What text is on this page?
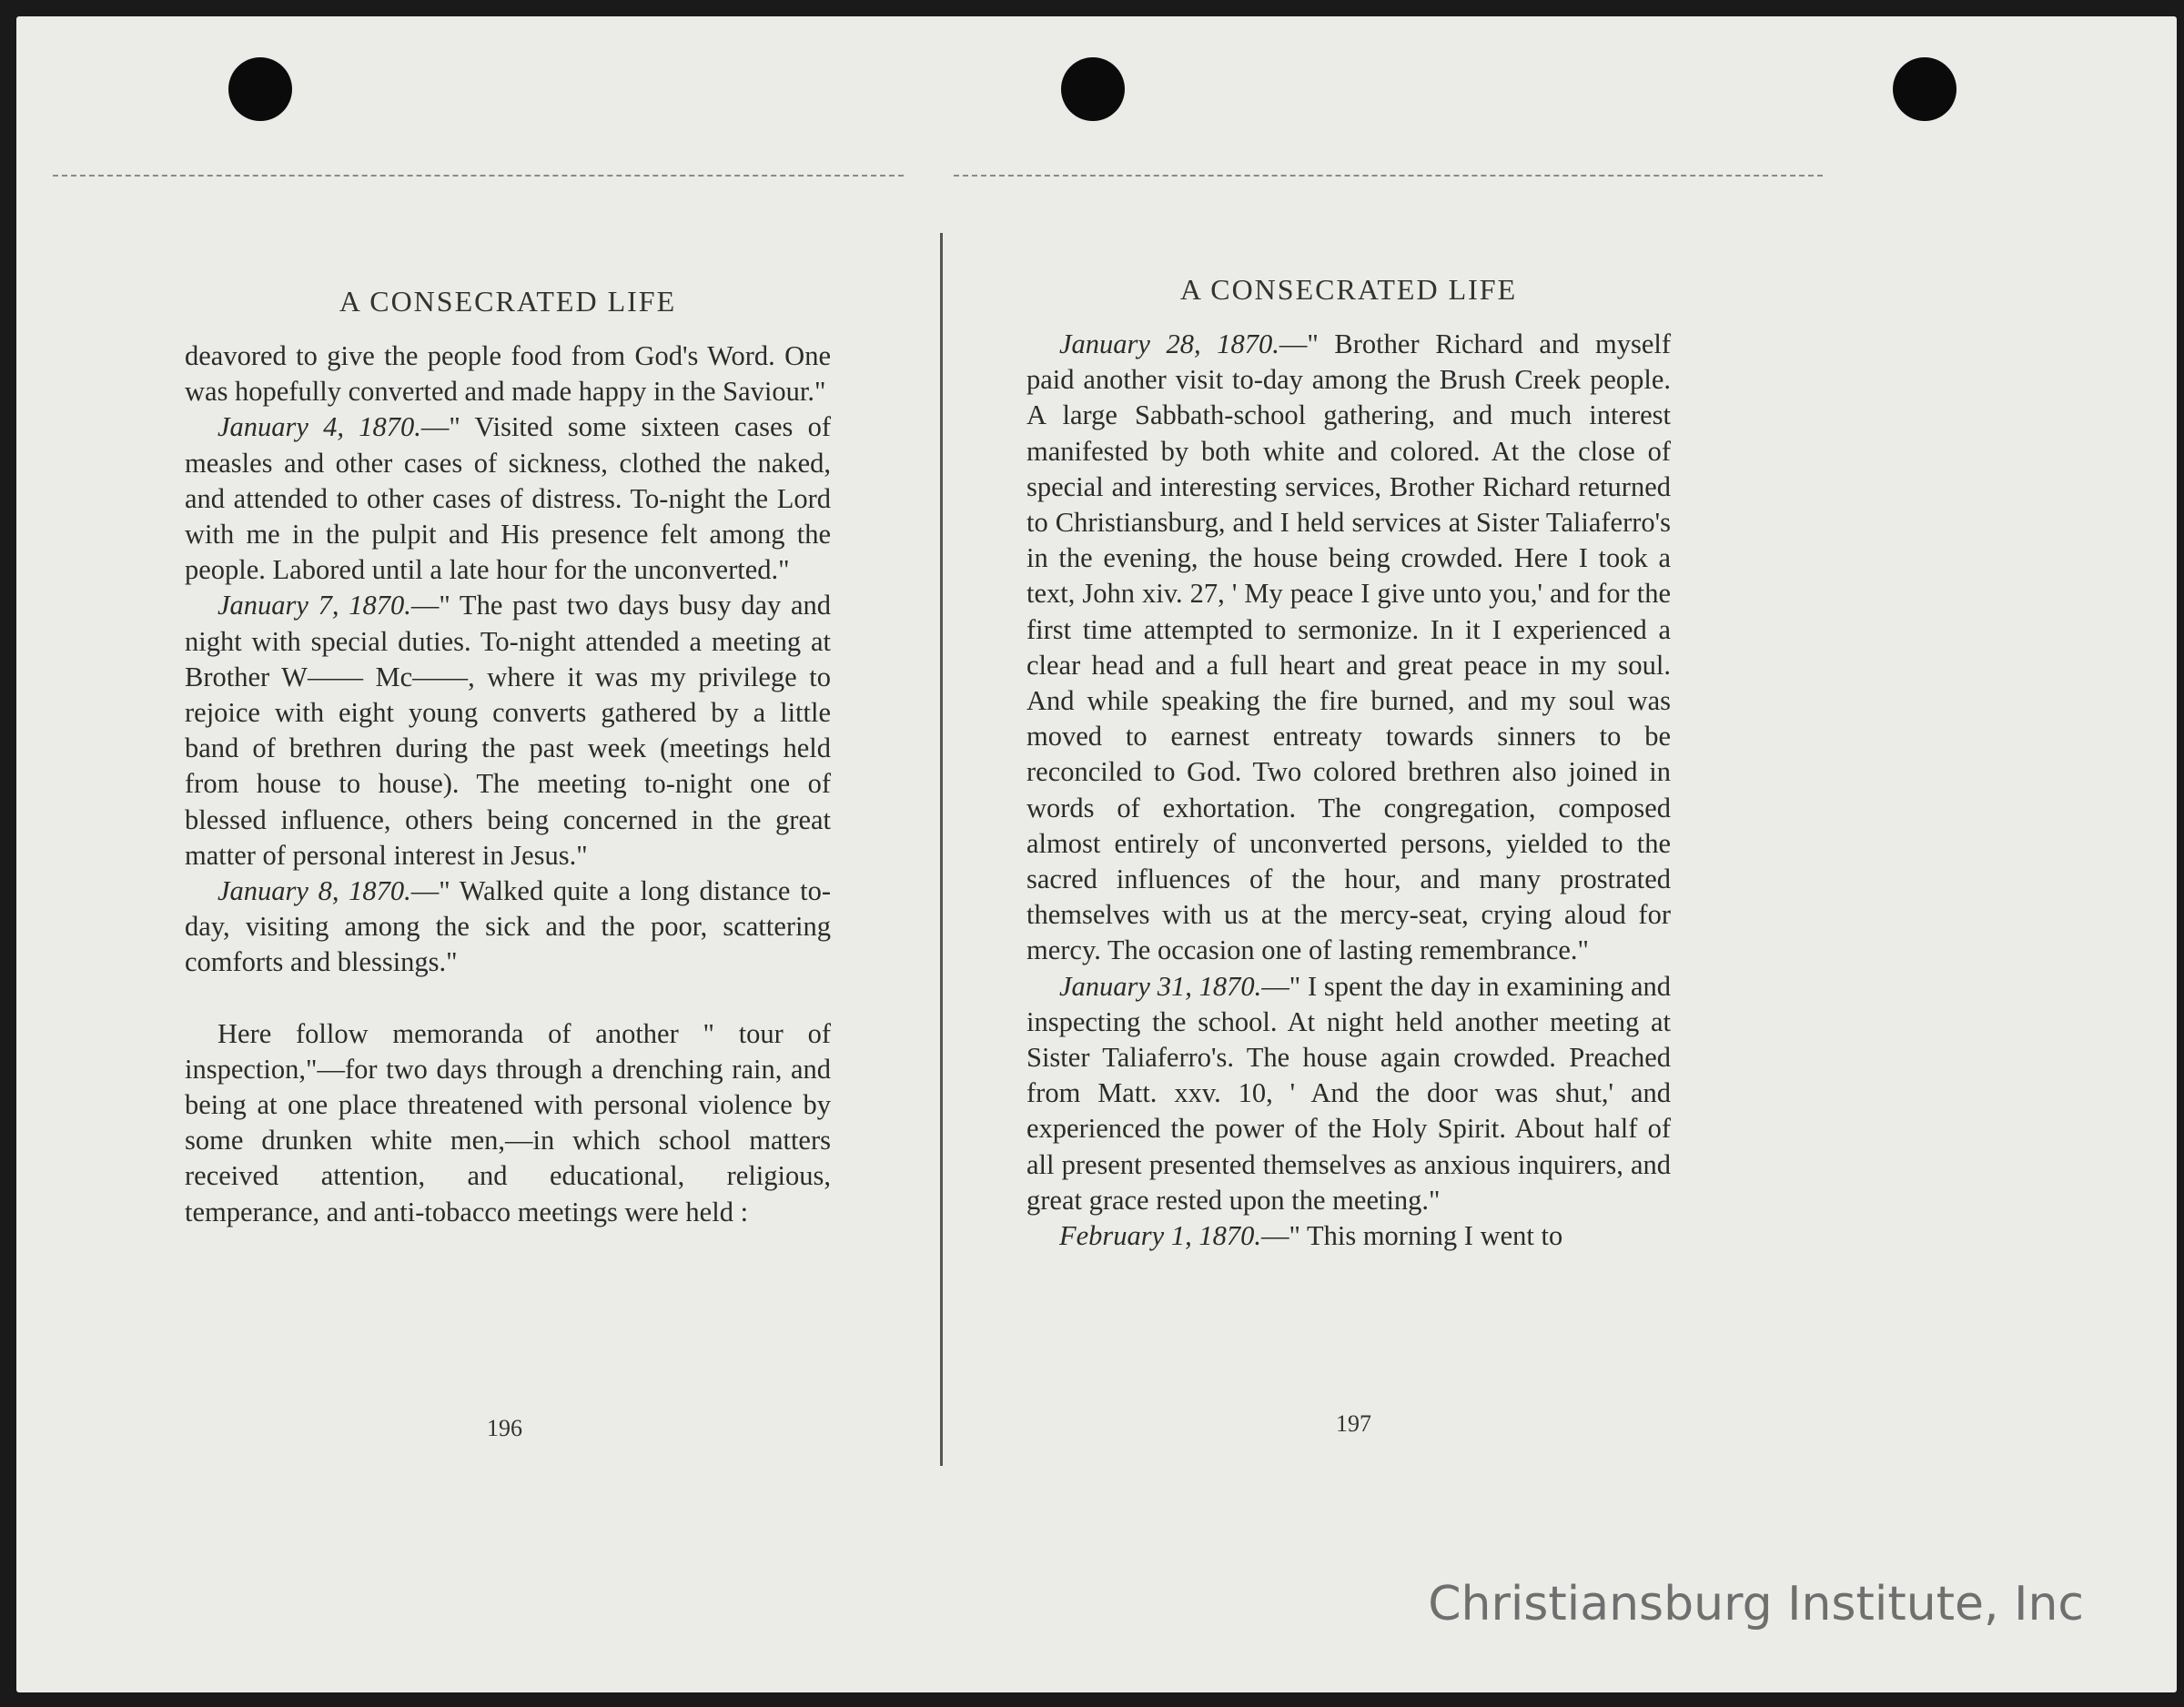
A CONSECRATED LIFE

deavored to give the people food from God's Word. One was hopefully converted and made happy in the Saviour."

January 4, 1870.—" Visited some sixteen cases of measles and other cases of sickness, clothed the naked, and attended to other cases of distress. To-night the Lord with me in the pulpit and His presence felt among the people. Labored until a late hour for the unconverted."

January 7, 1870.—" The past two days busy day and night with special duties. To-night attended a meeting at Brother W—— Mc——, where it was my privilege to rejoice with eight young converts gathered by a little band of brethren during the past week (meetings held from house to house). The meeting to-night one of blessed influence, others being concerned in the great matter of personal interest in Jesus."

January 8, 1870.—" Walked quite a long distance to-day, visiting among the sick and the poor, scattering comforts and blessings."

Here follow memoranda of another " tour of inspection,"—for two days through a drenching rain, and being at one place threatened with personal violence by some drunken white men,—in which school matters received attention, and educational, religious, temperance, and anti-tobacco meetings were held :

196
A CONSECRATED LIFE

January 28, 1870.—" Brother Richard and myself paid another visit to-day among the Brush Creek people. A large Sabbath-school gathering, and much interest manifested by both white and colored. At the close of special and interesting services, Brother Richard returned to Christiansburg, and I held services at Sister Taliaferro's in the evening, the house being crowded. Here I took a text, John xiv. 27, ' My peace I give unto you,' and for the first time attempted to sermonize. In it I experienced a clear head and a full heart and great peace in my soul. And while speaking the fire burned, and my soul was moved to earnest entreaty towards sinners to be reconciled to God. Two colored brethren also joined in words of exhortation. The congregation, composed almost entirely of unconverted persons, yielded to the sacred influences of the hour, and many prostrated themselves with us at the mercy-seat, crying aloud for mercy. The occasion one of lasting remembrance."

January 31, 1870.—" I spent the day in examining and inspecting the school. At night held another meeting at Sister Taliaferro's. The house again crowded. Preached from Matt. xxv. 10, ' And the door was shut,' and experienced the power of the Holy Spirit. About half of all present presented themselves as anxious inquirers, and great grace rested upon the meeting."

February 1, 1870.—" This morning I went to

197
Christiansburg Institute, Inc
